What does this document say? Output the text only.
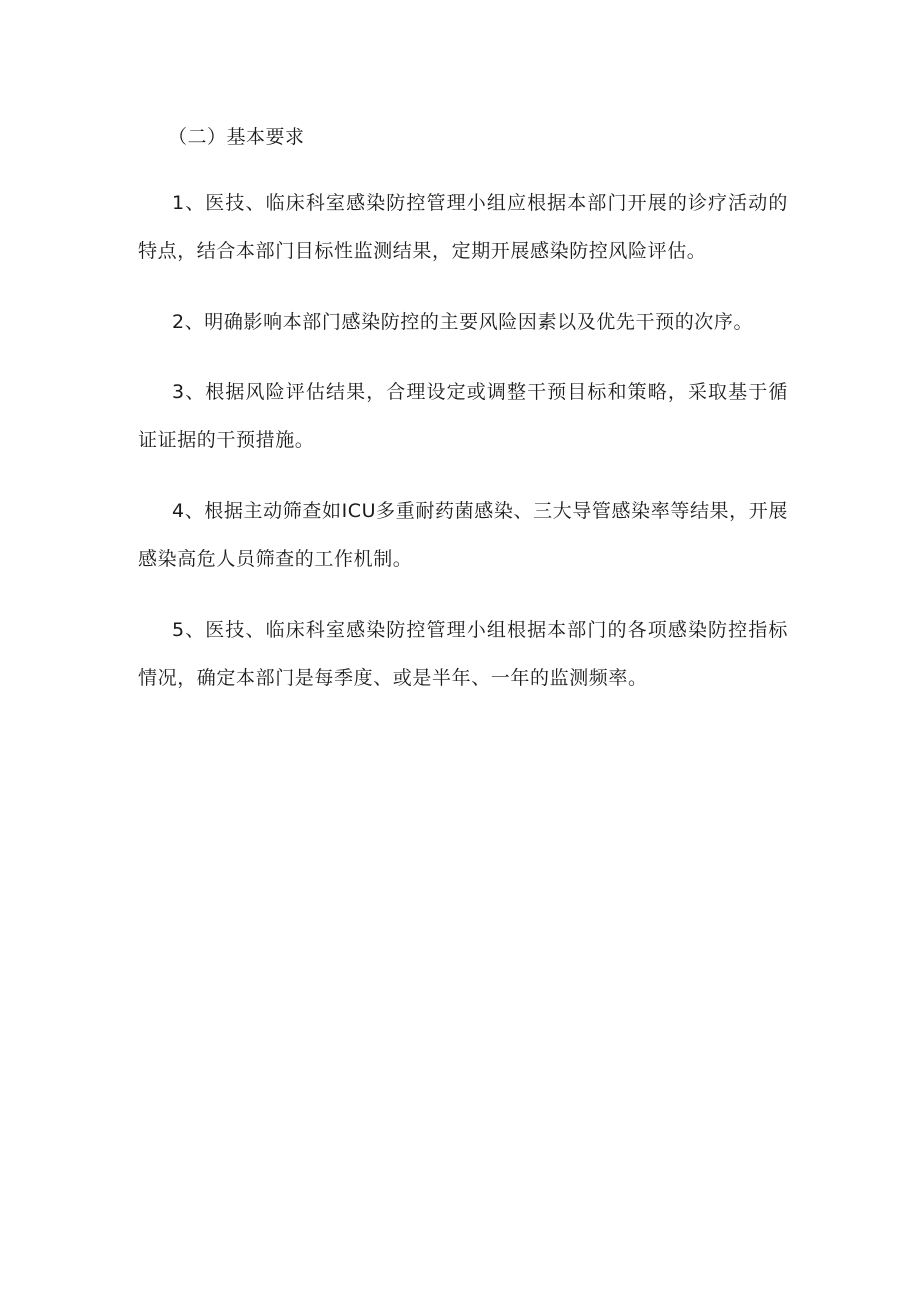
（二）基本要求

1、医技、临床科室感染防控管理小组应根据本部门开展的诊疗活动的特点，结合本部门目标性监测结果，定期开展感染防控风险评估。

2、明确影响本部门感染防控的主要风险因素以及优先干预的次序。

3、根据风险评估结果，合理设定或调整干预目标和策略，采取基于循证证据的干预措施。

4、根据主动筛查如ICU多重耐药菌感染、三大导管感染率等结果，开展感染高危人员筛查的工作机制。

5、医技、临床科室感染防控管理小组根据本部门的各项感染防控指标情况，确定本部门是每季度、或是半年、一年的监测频率。
